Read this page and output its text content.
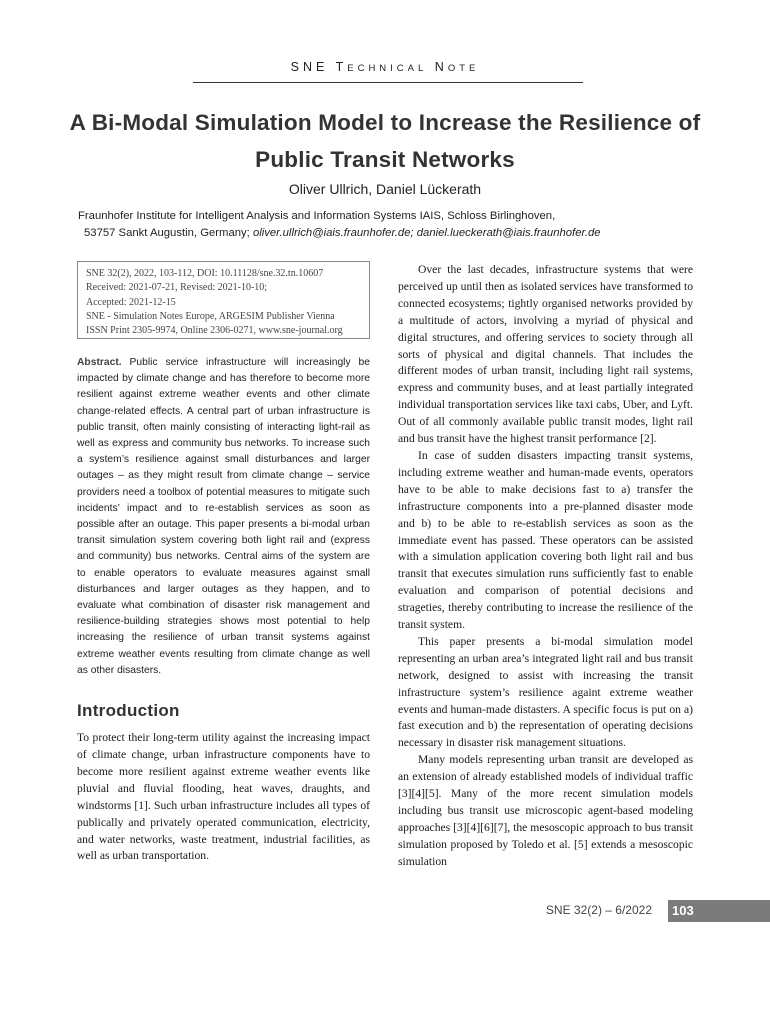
SNE TECHNICAL NOTE
A Bi-Modal Simulation Model to Increase the Resilience of Public Transit Networks
Oliver Ullrich, Daniel Lückerath
Fraunhofer Institute for Intelligent Analysis and Information Systems IAIS, Schloss Birlinghoven,
53757 Sankt Augustin, Germany; oliver.ullrich@iais.fraunhofer.de; daniel.lueckerath@iais.fraunhofer.de
SNE 32(2), 2022, 103-112, DOI: 10.11128/sne.32.tn.10607
Received: 2021-07-21, Revised: 2021-10-10;
Accepted: 2021-12-15
SNE - Simulation Notes Europe, ARGESIM Publisher Vienna
ISSN Print 2305-9974, Online 2306-0271, www.sne-journal.org

Abstract. Public service infrastructure will increasingly be impacted by climate change and has therefore to become more resilient against extreme weather events and other climate change-related effects. A central part of urban infrastructure is public transit, often mainly consisting of interacting light-rail as well as express and community bus networks. To increase such a system’s resilience against small disturbances and larger outages – as they might result from climate change – service providers need a toolbox of potential measures to mitigate such incidents’ impact and to re-establish services as soon as possible after an outage. This paper presents a bi-modal urban transit simulation system covering both light rail and (express and community) bus networks. Central aims of the system are to enable operators to evaluate measures against small disturbances and larger outages as they happen, and to evaluate what combination of disaster risk management and resilience-building strategies shows most potential to help increasing the resilience of urban transit systems against extreme weather events resulting from climate change as well as other disasters.

Introduction

To protect their long-term utility against the increasing impact of climate change, urban infrastructure components have to become more resilient against extreme weather events like pluvial and fluvial flooding, heat waves, draughts, and windstorms [1]. Such urban infrastructure includes all types of publically and privately operated communication, electricity, and water networks, waste treatment, industrial facilities, as well as urban transportation.

Over the last decades, infrastructure systems that were perceived up until then as isolated services have transformed to connected ecosystems; tightly organised networks provided by a multitude of actors, involving a myriad of physical and digital structures, and offering services to society through all sorts of physical and digital channels. That includes the different modes of urban transit, including light rail systems, express and community buses, and at least partially integrated individual transportation services like taxi cabs, Uber, and Lyft. Out of all commonly available public transit modes, light rail and bus transit have the highest transit performance [2].

In case of sudden disasters impacting transit systems, including extreme weather and human-made events, operators have to be able to make decisions fast to a) transfer the infrastructure components into a pre-planned disaster mode and b) to be able to re-establish services as soon as the immediate event has passed. These operators can be assisted with a simulation application covering both light rail and bus transit that executes simulation runs sufficiently fast to enable evaluation and comparison of potential decisions and strageties, thereby contributing to increase the resilience of the transit system.

This paper presents a bi-modal simulation model representing an urban area’s integrated light rail and bus transit network, designed to assist with increasing the transit infrastructure system’s resilience againt extreme weather events and human-made distasters. A specific focus is put on a) fast execution and b) the representation of operating decisions necessary in disaster risk management situations.

Many models representing urban transit are developed as an extension of already established models of individual traffic [3][4][5]. Many of the more recent simulation models including bus transit use microscopic agent-based modeling approaches [3][4][6][7], the mesoscopic approach to bus transit simulation proposed by Toledo et al. [5] extends a mesoscopic simulation

SNE 32(2) – 6/2022	103
